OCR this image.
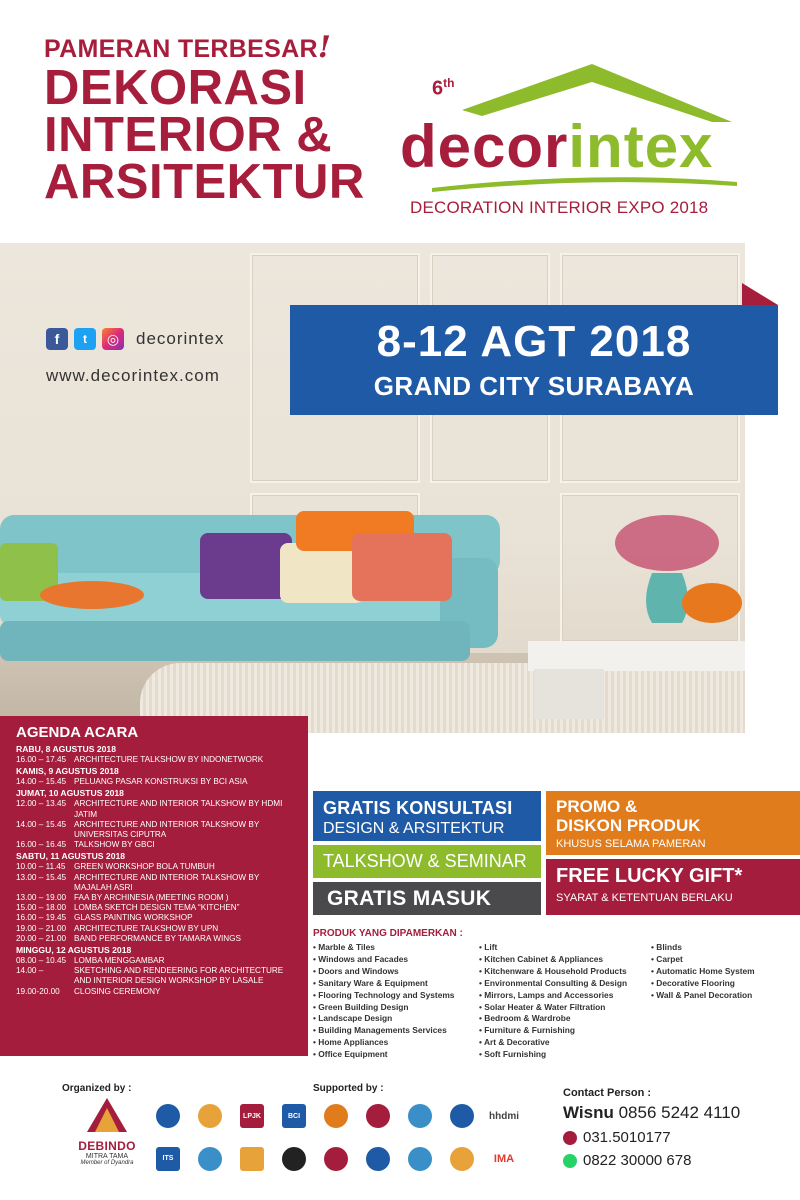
PAMERAN TERBESAR!
DEKORASI
INTERIOR &
ARSITEKTUR
6th
decorintex
DECORATION INTERIOR EXPO 2018
f	t	◎ decorintex
www.decorintex.com
8-12 AGT 2018
GRAND CITY SURABAYA
AGENDA ACARA
RABU, 8 AGUSTUS 2018
16.00 – 17.45 ARCHITECTURE TALKSHOW BY INDONETWORK
KAMIS, 9 AGUSTUS 2018
14.00 – 15.45 PELUANG PASAR KONSTRUKSI BY BCI ASIA
JUMAT, 10 AGUSTUS 2018
12.00 – 13.45 ARCHITECTURE AND INTERIOR TALKSHOW BY HDMI JATIM
14.00 – 15.45 ARCHITECTURE AND INTERIOR TALKSHOW BY UNIVERSITAS CIPUTRA
16.00 – 16.45 TALKSHOW BY GBCI
SABTU, 11 AGUSTUS 2018
10.00 – 11.45	GREEN WORKSHOP BOLA TUMBUH
13.00 – 15.45 ARCHITECTURE AND INTERIOR TALKSHOW BY MAJALAH ASRI
13.00 – 19.00 FAA BY ARCHINESIA (MEETING ROOM )
15.00 – 18.00 LOMBA SKETCH DESIGN TEMA “KITCHEN”
16.00 – 19.45 GLASS PAINTING WORKSHOP
19.00 – 21.00 ARCHITECTURE TALKSHOW BY UPN
20.00 – 21.00 BAND PERFORMANCE BY TAMARA WINGS
MINGGU, 12 AGUSTUS 2018
08.00 – 10.45 LOMBA MENGGAMBAR
14.00 –	SKETCHING AND RENDEERING FOR ARCHITECTURE AND INTERIOR DESIGN WORKSHOP BY LASALE
19.00-20.00	CLOSING CEREMONY
GRATIS KONSULTASI
DESIGN & ARSITEKTUR
TALKSHOW & SEMINAR
GRATIS MASUK
PROMO &
DISKON PRODUK
KHUSUS SELAMA PAMERAN
FREE LUCKY GIFT*
SYARAT & KETENTUAN BERLAKU
PRODUK YANG DIPAMERKAN :
• Marble & Tiles
• Windows and Facades
• Doors and Windows
• Sanitary Ware & Equipment
• Flooring Technology and Systems
• Green Building Design
• Landscape Design
• Building Managements Services
• Home Appliances
• Office Equipment
• Lift
• Kitchen Cabinet & Appliances
• Kitchenware & Household Products
• Environmental Consulting & Design
• Mirrors, Lamps and Accessories
• Solar Heater & Water Filtration
• Bedroom & Wardrobe
• Furniture & Furnishing
• Art & Decorative
• Soft Furnishing
• Blinds
• Carpet
• Automatic Home System
• Decorative Flooring
• Wall & Panel Decoration
Organized by :
DEBINDO
MITRA TAMA
Member of Dyandra
Supported by :
LPJK	BCI	hhdmi
ITS	IMA
Contact Person :
Wisnu 0856 5242 4110
031.5010177
0822 30000 678
